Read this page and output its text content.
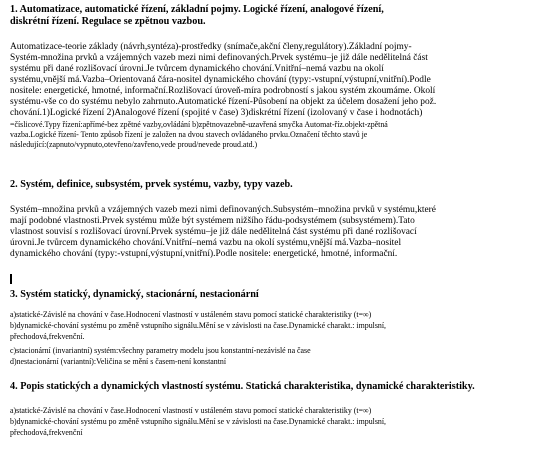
1. Automatizace, automatické řízení, základní pojmy. Logické řízení, analogové řízení,
diskrétní řízení. Regulace se zpětnou vazbou.
Automatizace-teorie základy (návrh,syntéza)-prostředky (snímače,akční členy,regulátory).Základní pojmy-
Systém-množina prvků a vzájemných vazeb mezi nimi definovaných.Prvek systému–je již dále nedělitelná část
systému při dané rozlišovací úrovni.Je tvůrcem dynamického chování.Vnitřní–nemá vazbu na okolí
systému,vnější má.Vazba–Orientovaná čára-nositel dynamického chování (typy:-vstupní,výstupní,vnitřní).Podle
nositele: energetické, hmotné, informační.Rozlišovací úroveň-míra podrobností s jakou systém zkoumáme. Okolí
systému-vše co do systému nebylo zahrnuto.Automatické řízení-Působení na objekt za účelem dosažení jeho pož.
chování.1)Logické řízení 2)Analogové řízení (spojité v čase) 3)diskrétní řízení (izolovaný v čase i hodnotách)
=číslicové.Typy řízení:apřímé-bez zpětné vazby,ovládání b)zpětnovazebně-uzavřená smyčka Automat-říz.objekt-zpětná
vazba.Logické řízení- Tento způsob řízení je založen na dvou stavech ovládaného prvku.Označení těchto stavů je
následující:(zapnuto/vypnuto,otevřeno/zavřeno,vede proud/nevede proud.atd.)
2. Systém, definice, subsystém, prvek systému, vazby, typy vazeb.
Systém–množina prvků a vzájemných vazeb mezi nimi definovaných.Subsystém–množina prvků v systému,které
mají podobné vlastnosti.Prvek systému může být systémem nižšího řádu-podsystémem (subsystémem).Tato
vlastnost souvisí s rozlišovací úrovní.Prvek systému–je již dále nedělitelná část systému při dané rozlišovací
úrovni.Je tvůrcem dynamického chování.Vnitřní–nemá vazbu na okolí systému,vnější má.Vazba–nositel
dynamického chování (typy:-vstupní,výstupní,vnitřní).Podle nositele: energetické, hmotné, informační.
3. Systém statický, dynamický, stacionární, nestacionární
a)statické-Závislé na chování v čase.Hodnocení vlastností v ustáleném stavu pomocí statické charakteristiky (t=∞)
b)dynamické-chování systému po změně vstupního signálu.Mění se v závislosti na čase.Dynamické charakt.: impulsní,
přechodová,frekvenční.
c)stacionární (invariantní) systém:všechny parametry modelu jsou konstantní-nezávislé na čase
d)nestacionární (variantní):Veličina se mění s časem-není konstantní
4. Popis statických a dynamických vlastností systému. Statická charakteristika, dynamické charakteristiky.
a)statické-Závislé na chování v čase.Hodnocení vlastností v ustáleném stavu pomocí statické charakteristiky (t=∞)
b)dynamické-chování systému po změně vstupního signálu.Mění se v závislosti na čase.Dynamické charakt.: impulsní,
přechodová,frekvenční
